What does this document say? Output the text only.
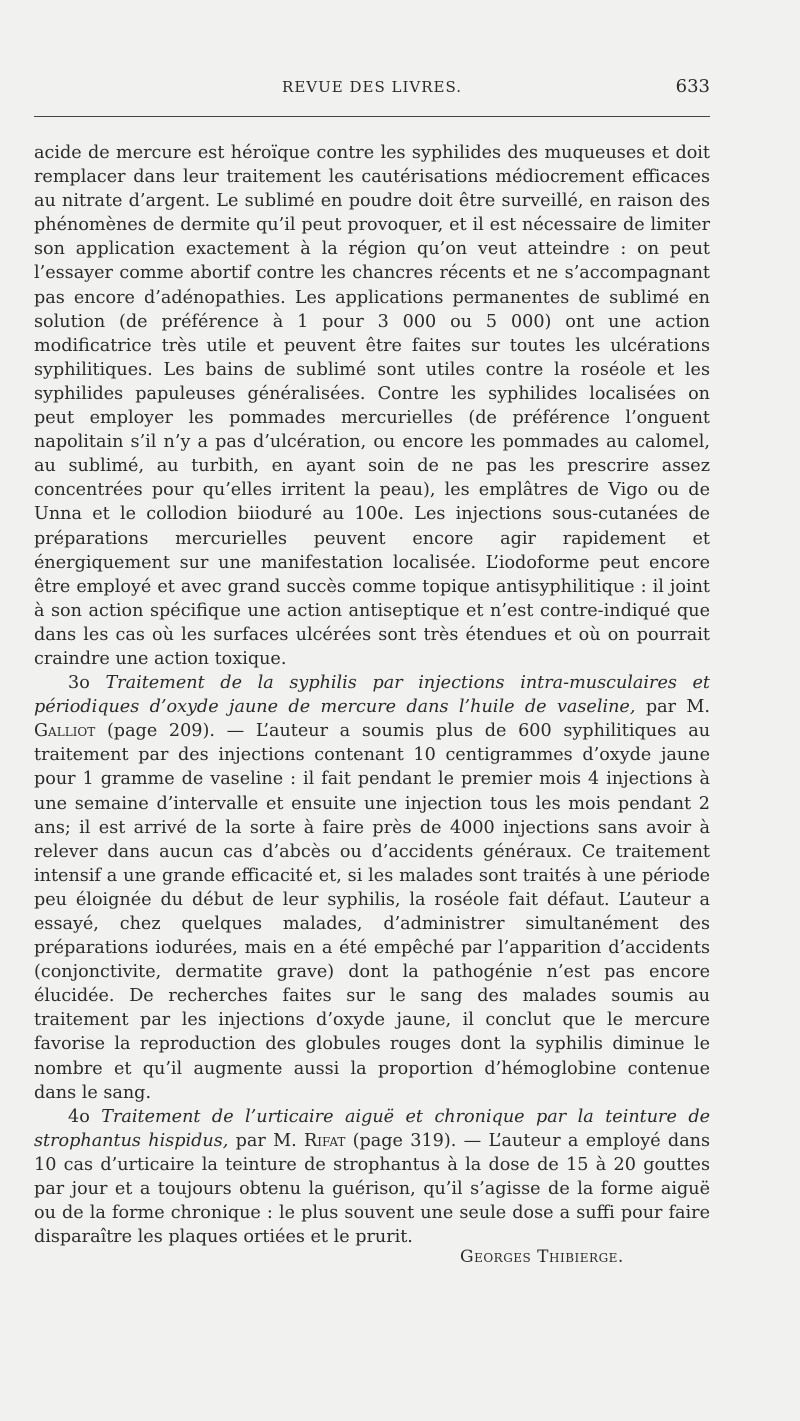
REVUE DES LIVRES.	633

acide de mercure est héroïque contre les syphilides des muqueuses et doit remplacer dans leur traitement les cautérisations médiocrement efficaces au nitrate d’argent. Le sublimé en poudre doit être surveillé, en raison des phénomènes de dermite qu’il peut provoquer, et il est nécessaire de limiter son application exactement à la région qu’on veut atteindre : on peut l’essayer comme abortif contre les chancres récents et ne s’accompagnant pas encore d’adénopathies. Les applications permanentes de sublimé en solution (de préférence à 1 pour 3 000 ou 5 000) ont une action modificatrice très utile et peuvent être faites sur toutes les ulcérations syphilitiques. Les bains de sublimé sont utiles contre la roséole et les syphilides papuleuses généralisées. Contre les syphilides localisées on peut employer les pommades mercurielles (de préférence l’onguent napolitain s’il n’y a pas d’ulcération, ou encore les pommades au calomel, au sublimé, au turbith, en ayant soin de ne pas les prescrire assez concentrées pour qu’elles irritent la peau), les emplâtres de Vigo ou de Unna et le collodion biioduré au 100e. Les injections sous-cutanées de préparations mercurielles peuvent encore agir rapidement et énergiquement sur une manifestation localisée. L’iodoforme peut encore être employé et avec grand succès comme topique antisyphilitique : il joint à son action spécifique une action antiseptique et n’est contre-indiqué que dans les cas où les surfaces ulcérées sont très étendues et où on pourrait craindre une action toxique.

3o Traitement de la syphilis par injections intra-musculaires et périodiques d’oxyde jaune de mercure dans l’huile de vaseline, par M. Galliot (page 209). — L’auteur a soumis plus de 600 syphilitiques au traitement par des injections contenant 10 centigrammes d’oxyde jaune pour 1 gramme de vaseline : il fait pendant le premier mois 4 injections à une semaine d’intervalle et ensuite une injection tous les mois pendant 2 ans; il est arrivé de la sorte à faire près de 4000 injections sans avoir à relever dans aucun cas d’abcès ou d’accidents généraux. Ce traitement intensif a une grande efficacité et, si les malades sont traités à une période peu éloignée du début de leur syphilis, la roséole fait défaut. L’auteur a essayé, chez quelques malades, d’administrer simultanément des préparations iodurées, mais en a été empêché par l’apparition d’accidents (conjonctivite, dermatite grave) dont la pathogénie n’est pas encore élucidée. De recherches faites sur le sang des malades soumis au traitement par les injections d’oxyde jaune, il conclut que le mercure favorise la reproduction des globules rouges dont la syphilis diminue le nombre et qu’il augmente aussi la proportion d’hémoglobine contenue dans le sang.

4o Traitement de l’urticaire aiguë et chronique par la teinture de strophantus hispidus, par M. Rifat (page 319). — L’auteur a employé dans 10 cas d’urticaire la teinture de strophantus à la dose de 15 à 20 gouttes par jour et a toujours obtenu la guérison, qu’il s’agisse de la forme aiguë ou de la forme chronique : le plus souvent une seule dose a suffi pour faire disparaître les plaques ortiées et le prurit.

Georges Thibierge.
